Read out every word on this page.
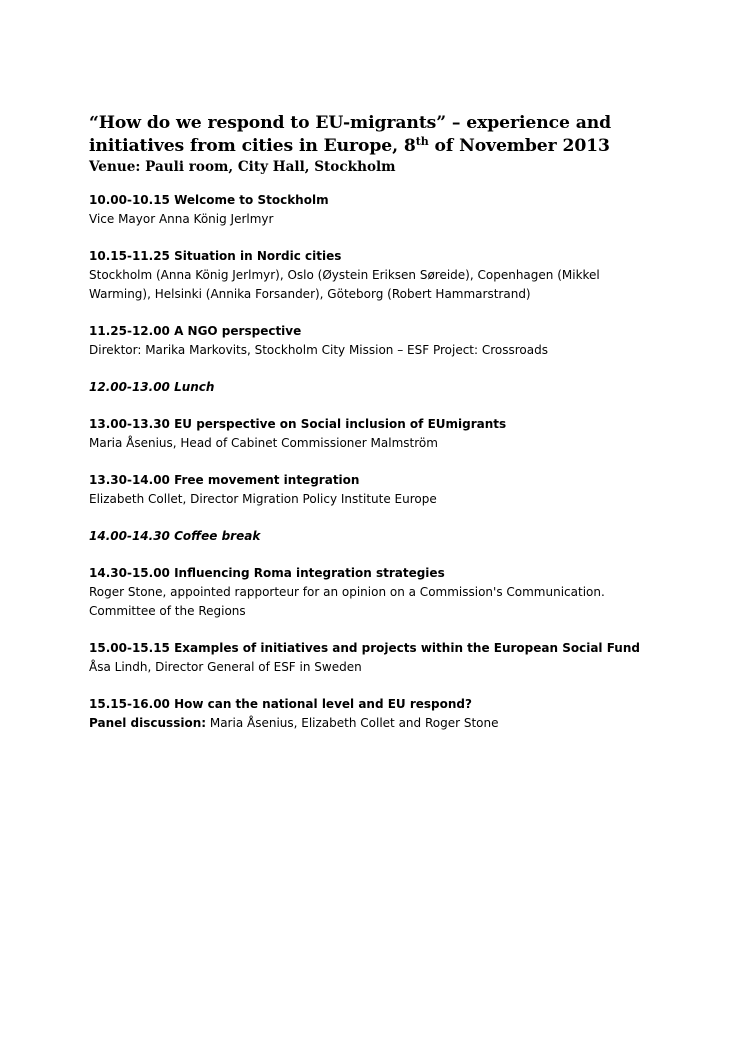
“How do we respond to EU-migrants” – experience and
initiatives from cities in Europe, 8th of November 2013

Venue: Pauli room, City Hall, Stockholm

10.00-10.15 Welcome to Stockholm
Vice Mayor Anna König Jerlmyr
10.15-11.25 Situation in Nordic cities
Stockholm (Anna König Jerlmyr), Oslo (Øystein Eriksen Søreide), Copenhagen (Mikkel
Warming), Helsinki (Annika Forsander), Göteborg (Robert Hammarstrand)
11.25-12.00 A NGO perspective
Direktor: Marika Markovits, Stockholm City Mission – ESF Project: Crossroads
12.00-13.00 Lunch
13.00-13.30 EU perspective on Social inclusion of EUmigrants
Maria Åsenius, Head of Cabinet Commissioner Malmström
13.30-14.00 Free movement integration
Elizabeth Collet, Director Migration Policy Institute Europe
14.00-14.30 Coffee break
14.30-15.00 Influencing Roma integration strategies
Roger Stone, appointed rapporteur for an opinion on a Commission's Communication.
Committee of the Regions
15.00-15.15 Examples of initiatives and projects within the European Social Fund
Åsa Lindh, Director General of ESF in Sweden
15.15-16.00 How can the national level and EU respond?
Panel discussion: Maria Åsenius, Elizabeth Collet and Roger Stone
